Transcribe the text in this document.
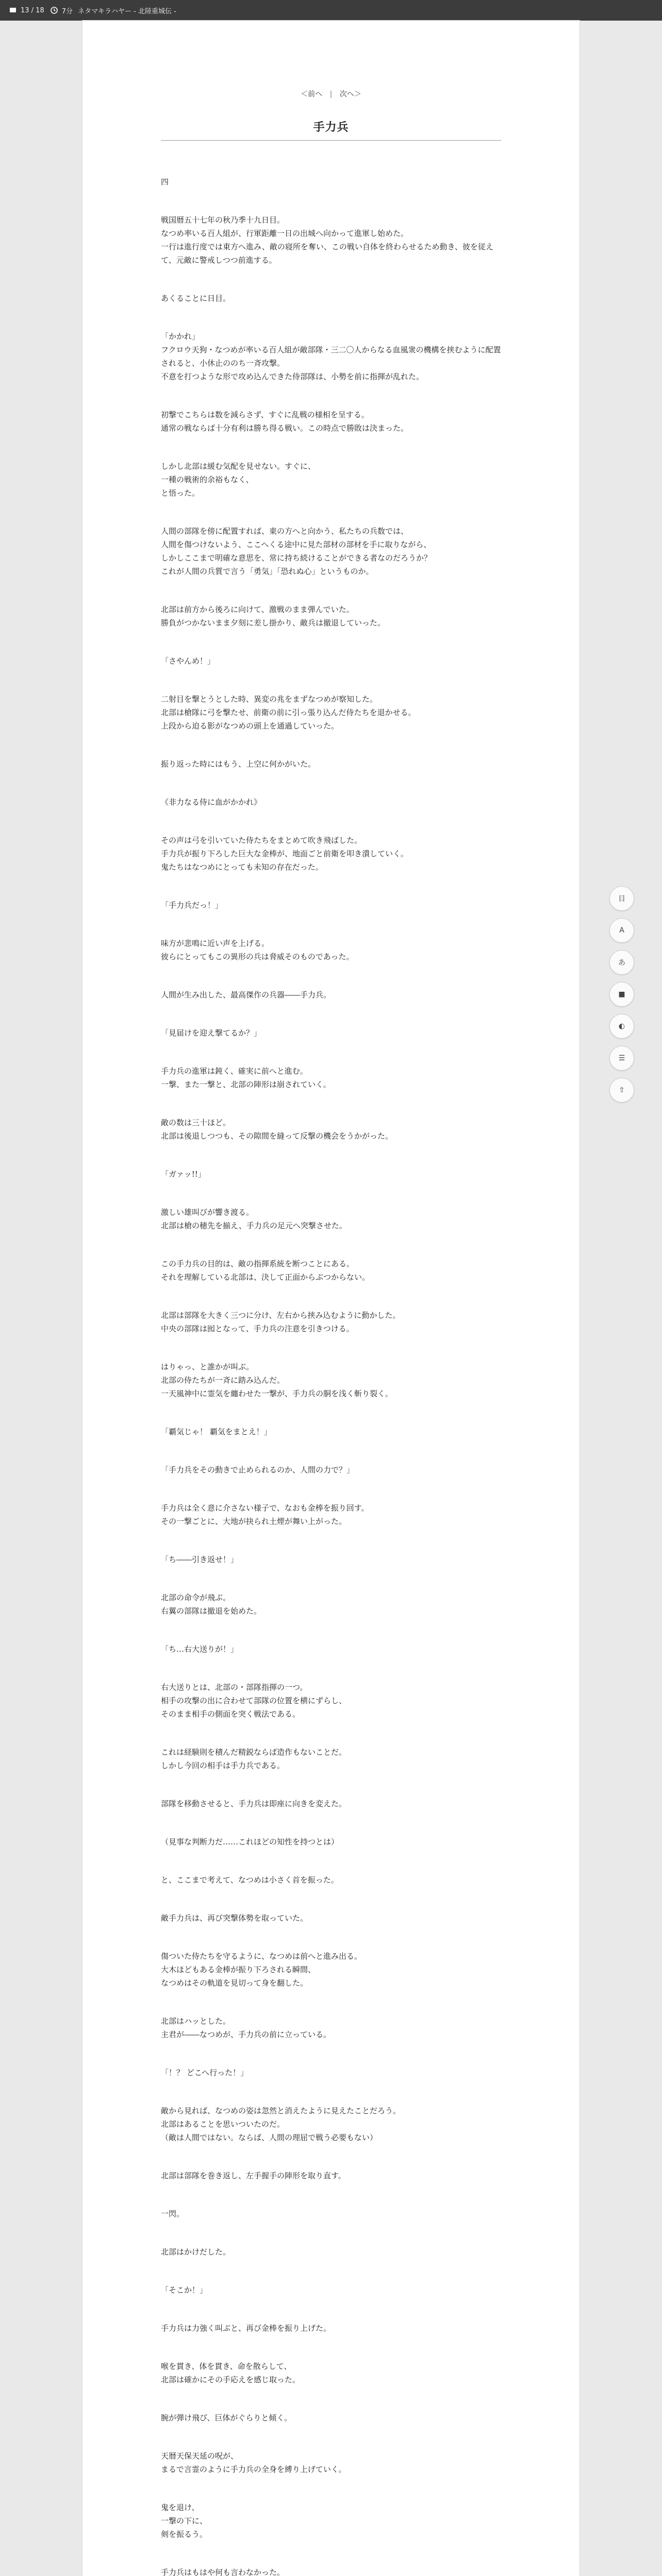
13 / 18	7分 ネタマキラハヤー - 北陸重城伝 -
＜前へ | 次へ＞
手力兵

四

戦国暦五十七年の秋乃季十九日目。

なつめ率いる百人組が、行軍距離一日の出城へ向かって進軍し始めた。

一行は進行度では東方へ進み、敵の寝所を奪い、この戦い自体を終わらせるため動き、彼を従えて、元敵に警戒しつつ前進する。

あくることに日目。

「かかれ」

フクロウ天狗・なつめが率いる百人組が敵部隊・三二〇人からなる血風衆の機構を挟むように配置されると、小休止ののち一斉攻撃。

不意を打つような形で攻め込んできた侍部隊は、小勢を前に指揮が乱れた。

初撃でこちらは数を減らさず、すぐに乱戦の様相を呈する。

通常の戦ならば十分有利は勝ち得る戦い。この時点で勝敗は決まった。

しかし北部は緩む気配を見せない。すぐに、

一種の戦術的余裕もなく、

と悟った。

人間の部隊を傍に配置すれば、東の方へと向かう、私たちの兵数では、

人間を傷つけないよう、ここへくる途中に見た部材の部材を手に取りながら、

しかしここまで明確な意思を、常に持ち続けることができる者なのだろうか？

これが人間の兵質で言う「勇気」「恐れぬ心」というものか。

北部は前方から後ろに向けて、激戦のまま弾んでいた。

勝負がつかないまま夕刻に差し掛かり、敵兵は撤退していった。

「さやんめ！」

二射目を撃とうとした時、異変の兆をまずなつめが察知した。

北部は槍隊に弓を撃たせ、前衛の前に引っ張り込んだ侍たちを退かせる。

上段から迫る影がなつめの頭上を通過していった。

振り返った時にはもう、上空に何かがいた。

《非力なる侍に血がかかれ》

その声は弓を引いていた侍たちをまとめて吹き飛ばした。

手力兵が振り下ろした巨大な金棒が、地面ごと前衛を叩き潰していく。

鬼たちはなつめにとっても未知の存在だった。

「手力兵だっ！」

味方が悲鳴に近い声を上げる。

彼らにとってもこの異形の兵は脅威そのものであった。

人間が生み出した、最高傑作の兵器――手力兵。

「見届けを迎え撃てるか？」

手力兵の進軍は鈍く、確実に前へと進む。

一撃、また一撃と、北部の陣形は崩されていく。

敵の数は三十ほど。

北部は後退しつつも、その隙間を縫って反撃の機会をうかがった。

「ガァッ!!」

激しい雄叫びが響き渡る。

北部は槍の穂先を揃え、手力兵の足元へ突撃させた。

この手力兵の目的は、敵の指揮系統を断つことにある。

それを理解している北部は、決して正面からぶつからない。

北部は部隊を大きく三つに分け、左右から挟み込むように動かした。

中央の部隊は囮となって、手力兵の注意を引きつける。

はりゃっ、と誰かが叫ぶ。

北部の侍たちが一斉に踏み込んだ。

一天風神中に霊気を纏わせた一撃が、手力兵の胴を浅く斬り裂く。

「覇気じゃ！ 覇気をまとえ！」

「手力兵をその動きで止められるのか、人間の力で？」

手力兵は全く意に介さない様子で、なおも金棒を振り回す。

その一撃ごとに、大地が抉られ土煙が舞い上がった。

「ち――引き返せ！」

北部の命令が飛ぶ。

右翼の部隊は撤退を始めた。

「ち…右大送りが！」

右大送りとは、北部の・部隊指揮の一つ。

相手の攻撃の出に合わせて部隊の位置を横にずらし、

そのまま相手の側面を突く戦法である。

これは経験則を積んだ精鋭ならば造作もないことだ。

しかし今回の相手は手力兵である。

部隊を移動させると、手力兵は即座に向きを変えた。

（見事な判断力だ……これほどの知性を持つとは）

と、ここまで考えて、なつめは小さく首を振った。

敵手力兵は、再び突撃体勢を取っていた。

傷ついた侍たちを守るように、なつめは前へと進み出る。

大木ほどもある金棒が振り下ろされる瞬間、

なつめはその軌道を見切って身を翻した。

北部はハッとした。

主君が――なつめが、手力兵の前に立っている。

「！？ どこへ行った！」

敵から見れば、なつめの姿は忽然と消えたように見えたことだろう。

北部はあることを思いついたのだ。

（敵は人間ではない。ならば、人間の理屈で戦う必要もない）

北部は部隊を巻き返し、左手握手の陣形を取り直す。

一閃。

北部はかけだした。

「そこか！」

手力兵は力強く叫ぶと、再び金棒を振り上げた。

喉を貫き、体を貫き、命を散らして、

北部は確かにその手応えを感じ取った。

腕が弾け飛び、巨体がぐらりと傾く。

天暦天保天延の呪が、

まるで言霊のように手力兵の全身を縛り上げていく。

鬼を退け、

一撃の下に、

剣を振るう。

手力兵はもはや何も言わなかった。

目
A
あ
■
◐
☰
⇧
